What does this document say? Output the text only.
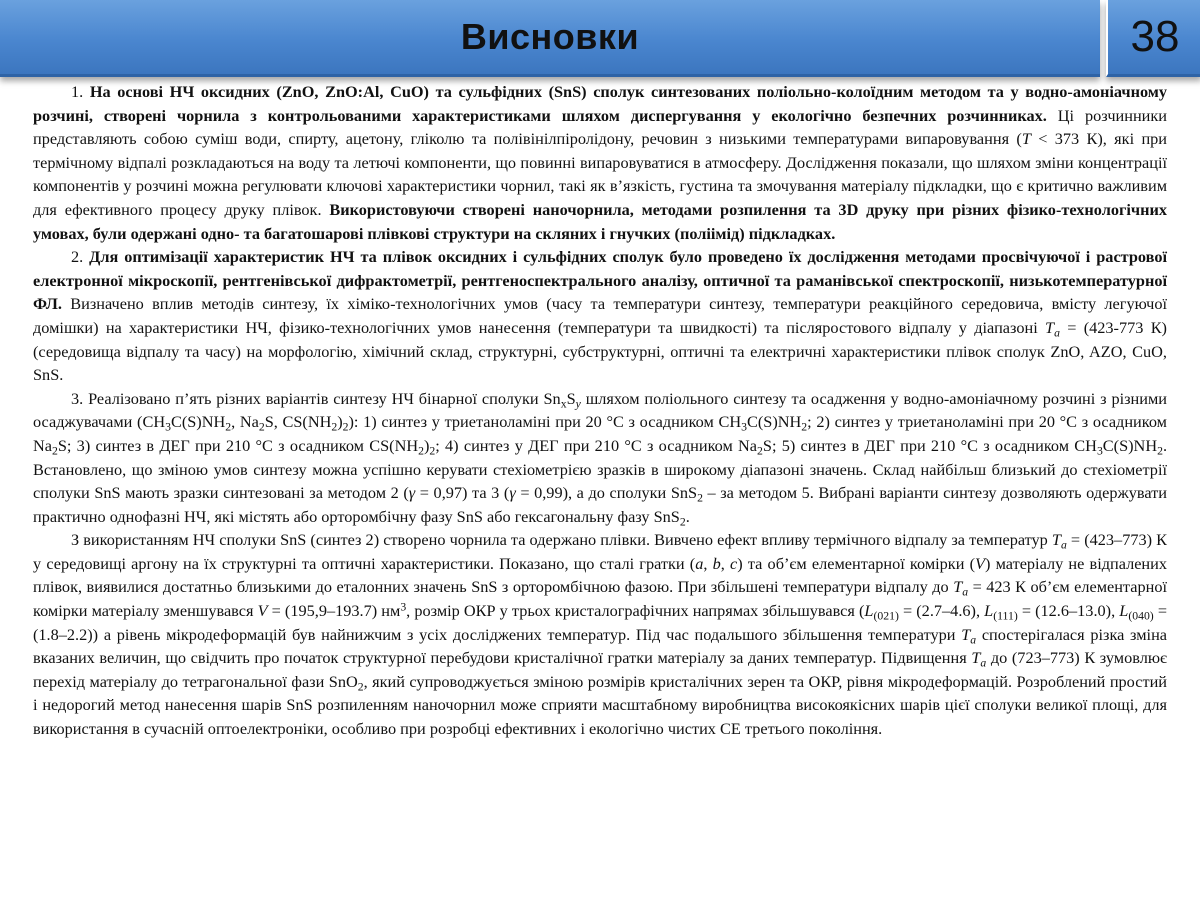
Висновки	38

1. На основі НЧ оксидних (ZnO, ZnO:Al, CuO) та сульфідних (SnS) сполук синтезованих поліольно-колоїдним методом та у водно-амоніачному розчині, створені чорнила з контрольованими характеристиками шляхом диспергування у екологічно безпечних розчинниках. Ці розчинники представляють собою суміш води, спирту, ацетону, гліколю та полівінілпіролідону, речовин з низькими температурами випаровування (T < 373 К), які при термічному відпалі розкладаються на воду та летючі компоненти, що повинні випаровуватися в атмосферу. Дослідження показали, що шляхом зміни концентрації компонентів у розчині можна регулювати ключові характеристики чорнил, такі як в’язкість, густина та змочування матеріалу підкладки, що є критично важливим для ефективного процесу друку плівок. Використовуючи створені наночорнила, методами розпилення та 3D друку при різних фізико-технологічних умовах, були одержані одно- та багатошарові плівкові структури на скляних і гнучких (поліімід) підкладках.

2. Для оптимізації характеристик НЧ та плівок оксидних і сульфідних сполук було проведено їх дослідження методами просвічуючої і растрової електронної мікроскопії, рентгенівської дифрактометрії, рентгеноспектрального аналізу, оптичної та раманівської спектроскопії, низькотемпературної ФЛ. Визначено вплив методів синтезу, їх хіміко-технологічних умов (часу та температури синтезу, температури реакційного середовича, вмісту легуючої домішки) на характеристики НЧ, фізико-технологічних умов нанесення (температури та швидкості) та післяростового відпалу у діапазоні $T_a = (423-773$ К) (середовища відпалу та часу) на морфологію, хімічний склад, структурні, субструктурні, оптичні та електричні характеристики плівок сполук ZnO, AZO, CuO, SnS.

3. Реалізовано п’ять різних варіантів синтезу НЧ бінарної сполуки $Sn_xS_y$ шляхом поліольного синтезу та осадження у водно-амоніачному розчині з різними осаджувачами ($CH_3C(S)NH_2$, $Na_2S$, $CS(NH_2)_2$): 1) синтез у триетаноламіні при 20 °С з осадником $CH_3C(S)NH_2$; 2) синтез у триетаноламіні при 20 °С з осадником $Na_2S$; 3) синтез в ДЕГ при 210 °С з осадником $CS(NH_2)_2$; 4) синтез у ДЕГ при 210 °С з осадником $Na_2S$; 5) синтез в ДЕГ при 210 °С з осадником $CH_3C(S)NH_2$. Встановлено, що зміною умов синтезу можна успішно керувати стехіометрією зразків в широкому діапазоні значень. Склад найбільш близький до стехіометрії сполуки SnS мають зразки синтезовані за методом 2 (γ = 0,97) та 3 (γ = 0,99), а до сполуки SnS$_2$ – за методом 5. Вибрані варіанти синтезу дозволяють одержувати практично однофазні НЧ, які містять або орторомбічну фазу SnS або гексагональну фазу SnS$_2$.

З використанням НЧ сполуки SnS (синтез 2) створено чорнила та одержано плівки. Вивчено ефект впливу термічного відпалу за температур $T_a = (423-773)$ К у середовищі аргону на їх структурні та оптичні характеристики. Показано, що сталі гратки (a, b, c) та об’єм елементарної комірки (V) матеріалу не відпалених плівок, виявилися достатньо близькими до еталонних значень SnS з орторомбічною фазою. При збільшені температури відпалу до $T_a = 423$ К об’єм елементарної комірки матеріалу зменшувався V = (195,9–193.7) $нм^3$, розмір ОКР у трьох кристалографічних напрямах збільшувався ($L_{(021)} = (2.7-4.6)$, $L_{(111)} = (12.6-13.0)$, $L_{(040)} = (1.8-2.2)$) а рівень мікродеформацій був найнижчим з усіх досліджених температур. Під час подальшого збільшення температури $T_a$ спостерігалася різка зміна вказаних величин, що свідчить про початок структурної перебудови кристалічної гратки матеріалу за даних температур. Підвищення $T_a$ до (723–773) К зумовлює перехід матеріалу до тетрагональної фази SnO$_2$, який супроводжується зміною розмірів кристалічних зерен та ОКР, рівня мікродеформацій. Розроблений простий і недорогий метод нанесення шарів SnS розпиленням наночорнил може сприяти масштабному виробництва високоякісних шарів цієї сполуки великої площі, для використання в сучасній оптоелектроніки, особливо при розробці ефективних і екологічно чистих СЕ третього покоління.
